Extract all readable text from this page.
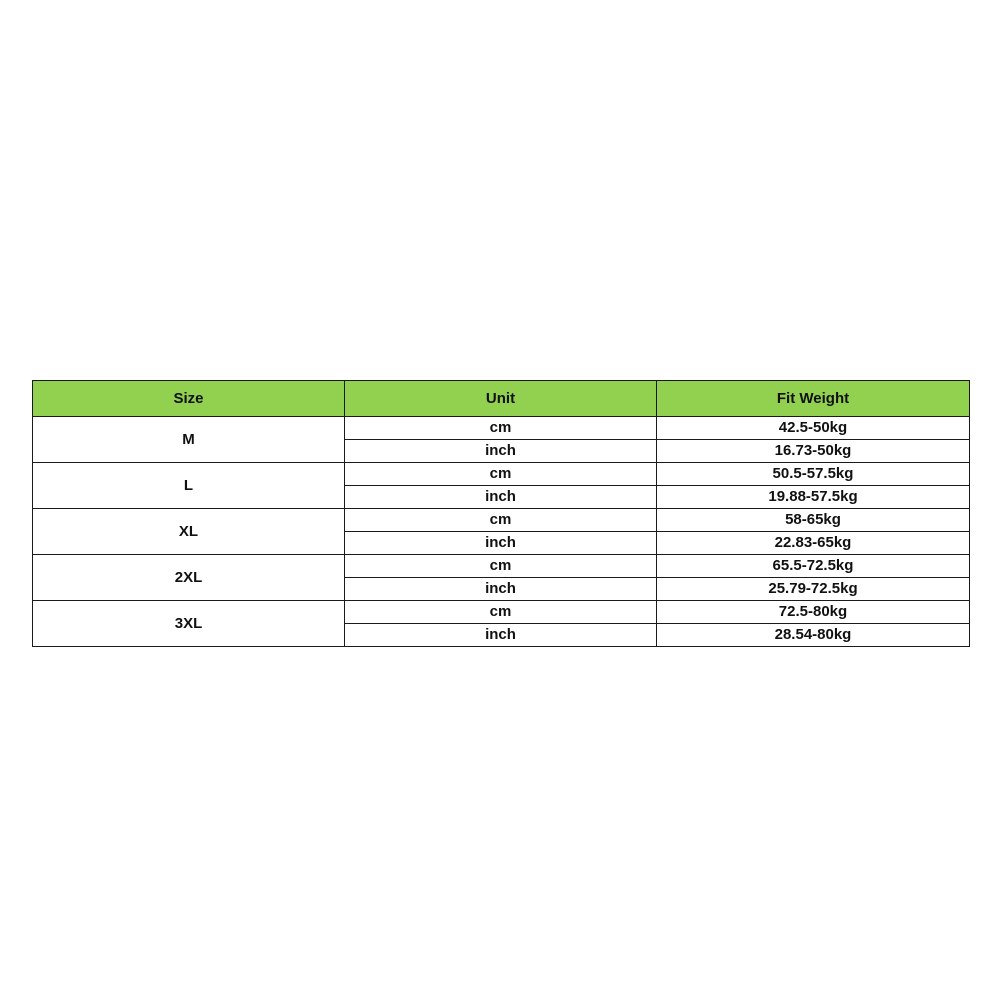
Size	Unit	Fit Weight
M	cm	42.5-50kg
	inch	16.73-50kg
L	cm	50.5-57.5kg
	inch	19.88-57.5kg
XL	cm	58-65kg
	inch	22.83-65kg
2XL	cm	65.5-72.5kg
	inch	25.79-72.5kg
3XL	cm	72.5-80kg
	inch	28.54-80kg
